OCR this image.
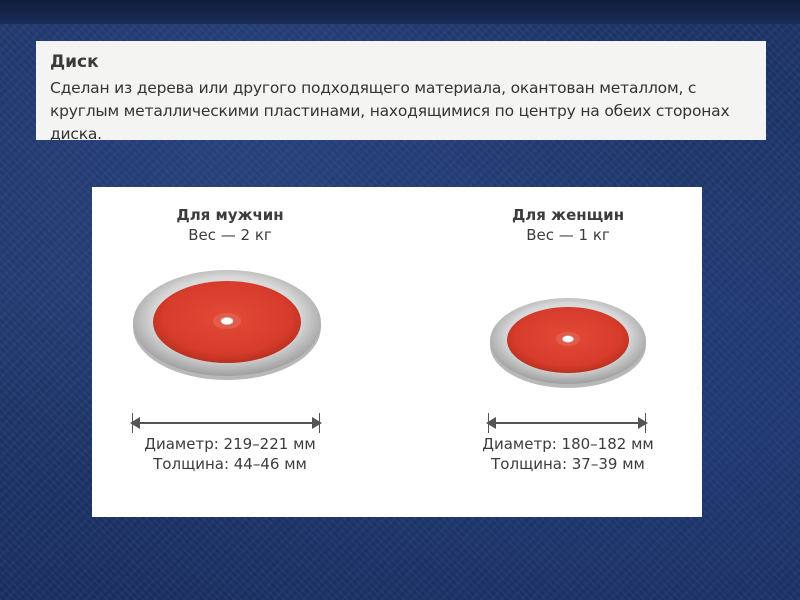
Диск
Сделан из дерева или другого подходящего материала, окантован металлом, с круглым металлическими пластинами, находящимися по центру на обеих сторонах диска.
Для мужчин
Вес — 2 кг
Диаметр: 219–221 мм
Толщина: 44–46 мм
Для женщин
Вес — 1 кг
Диаметр: 180–182 мм
Толщина: 37–39 мм
